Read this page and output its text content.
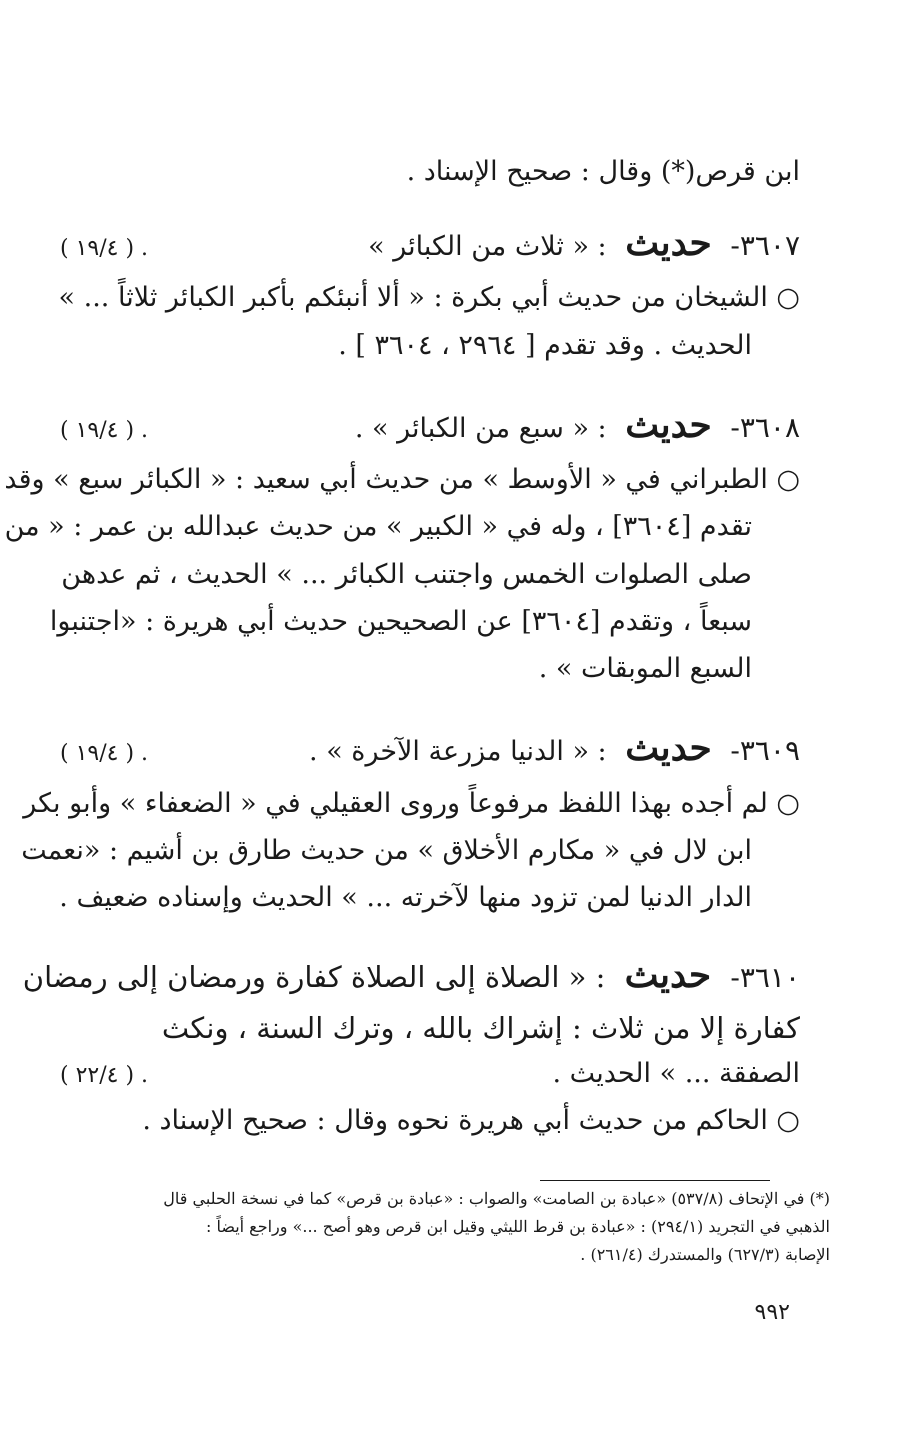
ابن قرص(*) وقال : صحيح الإسناد .
٣٦٠٧- حديث : « ثلاث من الكبائر »
. ( ١٩/٤ )
○ الشيخان من حديث أبي بكرة : « ألا أنبئكم بأكبر الكبائر ثلاثاً ... »
الحديث . وقد تقدم [ ٢٩٦٤ ، ٣٦٠٤ ] .
٣٦٠٨- حديث : « سبع من الكبائر » .
. ( ١٩/٤ )
○ الطبراني في « الأوسط » من حديث أبي سعيد : « الكبائر سبع » وقد
تقدم [٣٦٠٤] ، وله في « الكبير » من حديث عبدالله بن عمر : « من
صلى الصلوات الخمس واجتنب الكبائر ... » الحديث ، ثم عدهن
سبعاً ، وتقدم [٣٦٠٤] عن الصحيحين حديث أبي هريرة : «اجتنبوا
السبع الموبقات » .
٣٦٠٩- حديث : « الدنيا مزرعة الآخرة » .
. ( ١٩/٤ )
○ لم أجده بهذا اللفظ مرفوعاً وروى العقيلي في « الضعفاء » وأبو بكر
ابن لال في « مكارم الأخلاق » من حديث طارق بن أشيم : «نعمت
الدار الدنيا لمن تزود منها لآخرته ... » الحديث وإسناده ضعيف .
٣٦١٠- حديث : « الصلاة إلى الصلاة كفارة ورمضان إلى رمضان
كفارة إلا من ثلاث : إشراك بالله ، وترك السنة ، ونكث
الصفقة ... » الحديث .
. ( ٢٢/٤ )
○ الحاكم من حديث أبي هريرة نحوه وقال : صحيح الإسناد .
(*) في الإتحاف (٥٣٧/٨) «عبادة بن الصامت» والصواب : «عبادة بن قرص» كما في نسخة الحلبي قال
الذهبي في التجريد (٢٩٤/١) : «عبادة بن قرط الليثي وقيل ابن قرص وهو أصح ...» وراجع أيضاً :
الإصابة (٦٢٧/٣) والمستدرك (٢٦١/٤) .
٩٩٢
